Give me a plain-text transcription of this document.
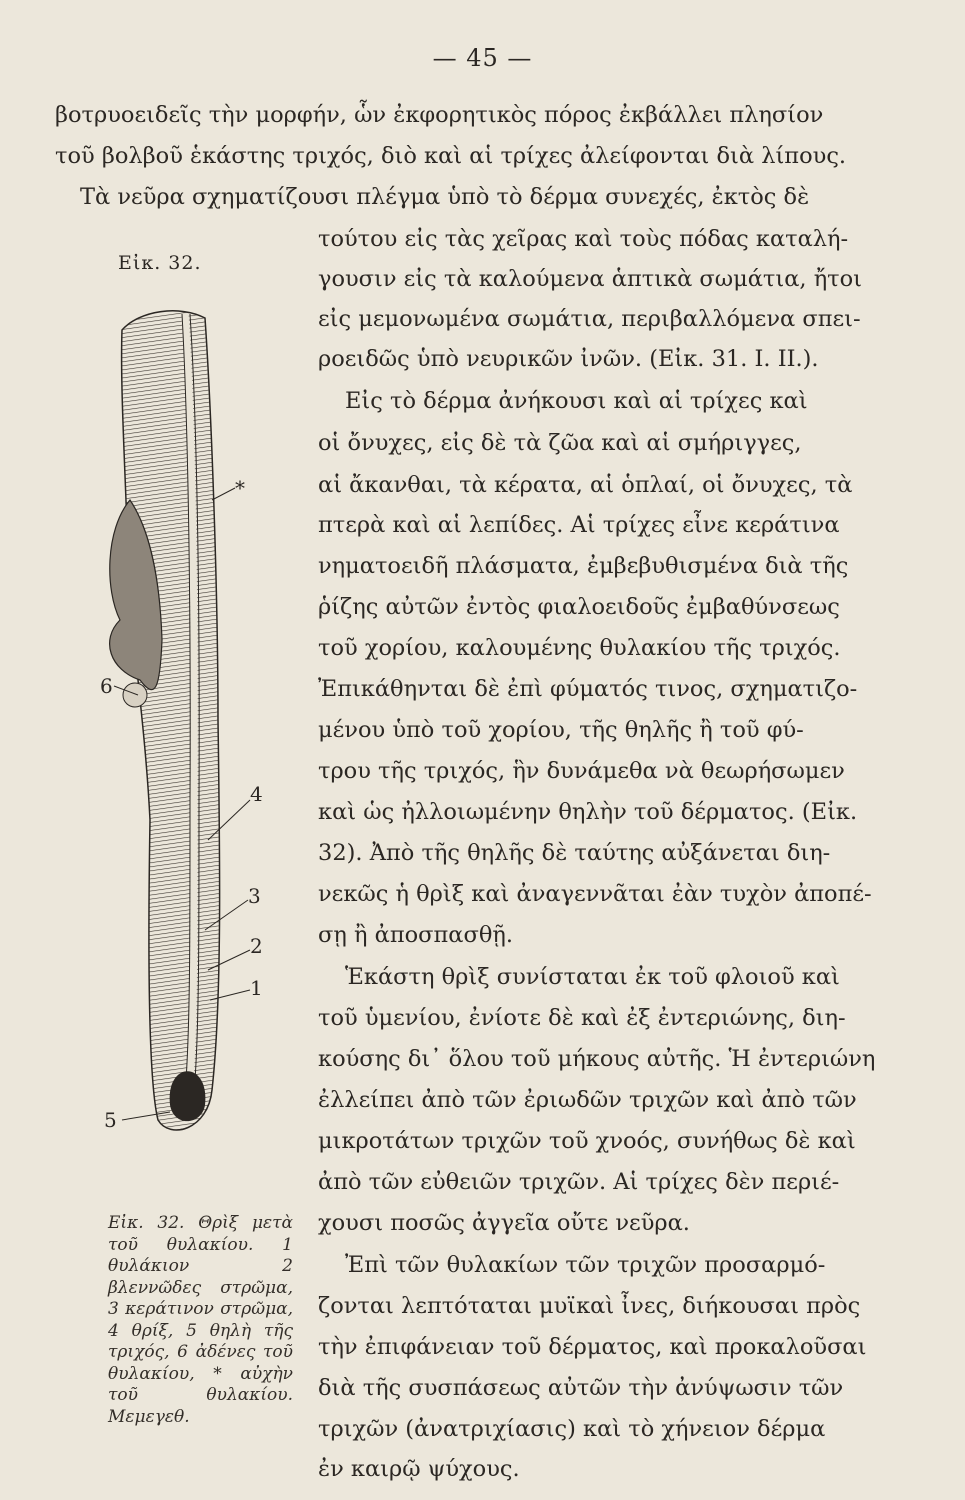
— 45 —
βοτρυοειδεῖς τὴν μορφήν, ὧν ἐκφορητικὸς πόρος ἐκβάλλει πλησίον
τοῦ βολβοῦ ἑκάστης τριχός, διὸ καὶ αἱ τρίχες ἀλείφονται διὰ λίπους.
Τὰ νεῦρα σχηματίζουσι πλέγμα ὑπὸ τὸ δέρμα συνεχές, ἐκτὸς δὲ
Εἰκ. 32.
τούτου εἰς τὰς χεῖρας καὶ τοὺς πόδας καταλή-
γουσιν εἰς τὰ καλούμενα ἁπτικὰ σωμάτια, ἤτοι
εἰς μεμονωμένα σωμάτια, περιβαλλόμενα σπει-
ροειδῶς ὑπὸ νευρικῶν ἰνῶν. (Εἰκ. 31. Ι. ΙΙ.).
Εἰς τὸ δέρμα ἀνήκουσι καὶ αἱ τρίχες καὶ
οἱ ὄνυχες, εἰς δὲ τὰ ζῶα καὶ αἱ σμήριγγες,
αἱ ἄκανθαι, τὰ κέρατα, αἱ ὁπλαί, οἱ ὄνυχες, τὰ
πτερὰ καὶ αἱ λεπίδες. Αἱ τρίχες εἶνε κεράτινα
νηματοειδῆ πλάσματα, ἐμβεβυθισμένα διὰ τῆς
ῥίζης αὐτῶν ἐντὸς φιαλοειδοῦς ἐμβαθύνσεως
τοῦ χορίου, καλουμένης θυλακίου τῆς τριχός.
Ἐπικάθηνται δὲ ἐπὶ φύματός τινος, σχηματιζο-
μένου ὑπὸ τοῦ χορίου, τῆς θηλῆς ἢ τοῦ φύ-
τρου τῆς τριχός, ἣν δυνάμεθα νὰ θεωρήσωμεν
καὶ ὡς ἠλλοιωμένην θηλὴν τοῦ δέρματος. (Εἰκ.
32). Ἀπὸ τῆς θηλῆς δὲ ταύτης αὐξάνεται διη-
νεκῶς ἡ θρὶξ καὶ ἀναγεννᾶται ἐὰν τυχὸν ἀποπέ-
σῃ ἢ ἀποσπασθῇ.
Ἑκάστη θρὶξ συνίσταται ἐκ τοῦ φλοιοῦ καὶ
τοῦ ὑμενίου, ἐνίοτε δὲ καὶ ἐξ ἐντεριώνης, διη-
κούσης δι᾽ ὅλου τοῦ μήκους αὐτῆς. Ἡ ἐντεριώνη
ἐλλείπει ἀπὸ τῶν ἐριωδῶν τριχῶν καὶ ἀπὸ τῶν
μικροτάτων τριχῶν τοῦ χνοός, συνήθως δὲ καὶ
ἀπὸ τῶν εὐθειῶν τριχῶν. Αἱ τρίχες δὲν περιέ-
χουσι ποσῶς ἀγγεῖα οὔτε νεῦρα.
Ἐπὶ τῶν θυλακίων τῶν τριχῶν προσαρμό-
ζονται λεπτόταται μυϊκαὶ ἶνες, διήκουσαι πρὸς
τὴν ἐπιφάνειαν τοῦ δέρματος, καὶ προκαλοῦσαι
διὰ τῆς συσπάσεως αὐτῶν τὴν ἀνύψωσιν τῶν
τριχῶν (ἀνατριχίασις) καὶ τὸ χήνειον δέρμα
ἐν καιρῷ ψύχους.
*
6
4
3
2
1
5
Εἰκ. 32. Θρὶξ μετὰ τοῦ θυλακίου. 1 θυλάκιον 2 βλεννῶδες στρῶμα, 3 κεράτινον στρῶμα, 4 θρίξ, 5 θηλὴ τῆς τριχός, 6 ἀδένες τοῦ θυλακίου, * αὐχὴν τοῦ θυλακίου. Μεμεγεθ.
